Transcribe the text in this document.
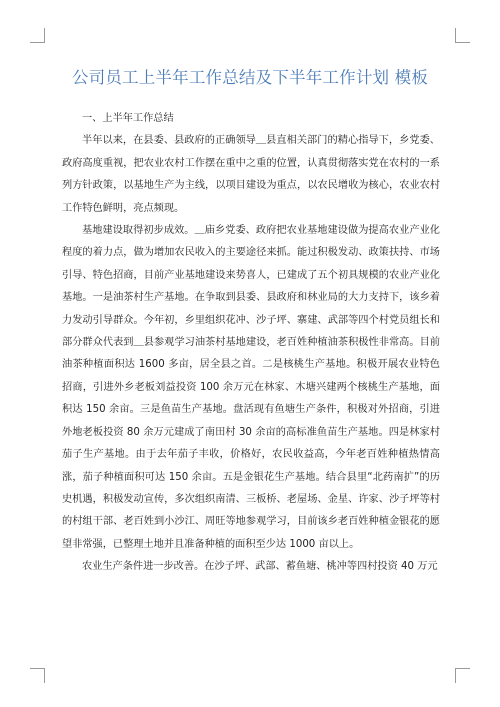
公司员工上半年工作总结及下半年工作计划 模板

一、上半年工作总结

半年以来，在县委、县政府的正确领导＿县直相关部门的精心指导下，乡党委、政府高度重视，把农业农村工作摆在重中之重的位置，认真贯彻落实党在农村的一系列方针政策，以基地生产为主线，以项目建设为重点，以农民增收为核心，农业农村工作特色鲜明，亮点频现。

基地建设取得初步成效。＿庙乡党委、政府把农业基地建设做为提高农业产业化程度的着力点，做为增加农民收入的主要途径来抓。能过积极发动、政策扶持、市场引导、特色招商，目前产业基地建设来势喜人，已建成了五个初具规模的农业产业化基地。一是油茶村生产基地。在争取到县委、县政府和林业局的大力支持下，该乡着力发动引导群众。今年初，乡里组织花冲、沙子坪、寨建、武部等四个村党员组长和部分群众代表到＿县参观学习油茶村基地建设，老百姓种植油茶积极性非常高。目前油茶种植面积达 1600 多亩，居全县之首。二是核桃生产基地。积极开展农业特色招商，引进外乡老板刘益投资 100 余万元在林家、木塘兴建两个核桃生产基地，面积达 150 余亩。三是鱼苗生产基地。盘活现有鱼塘生产条件，积极对外招商，引进外地老板投资 80 余万元建成了南田村 30 余亩的高标准鱼苗生产基地。四是林家村茄子生产基地。由于去年茄子丰收，价格好，农民收益高，今年老百姓种植热情高涨，茄子种植面积可达 150 余亩。五是金银花生产基地。结合县里“北药南扩”的历史机遇，积极发动宣传，多次组织南清、三板桥、老屋场、金星、许家、沙子坪等村的村组干部、老百姓到小沙江、周旺等地参观学习，目前该乡老百姓种植金银花的愿望非常强，已整理土地并且准备种植的面积至少达 1000 亩以上。

农业生产条件进一步改善。在沙子坪、武部、蓄鱼塘、桃冲等四村投资 40 万元
